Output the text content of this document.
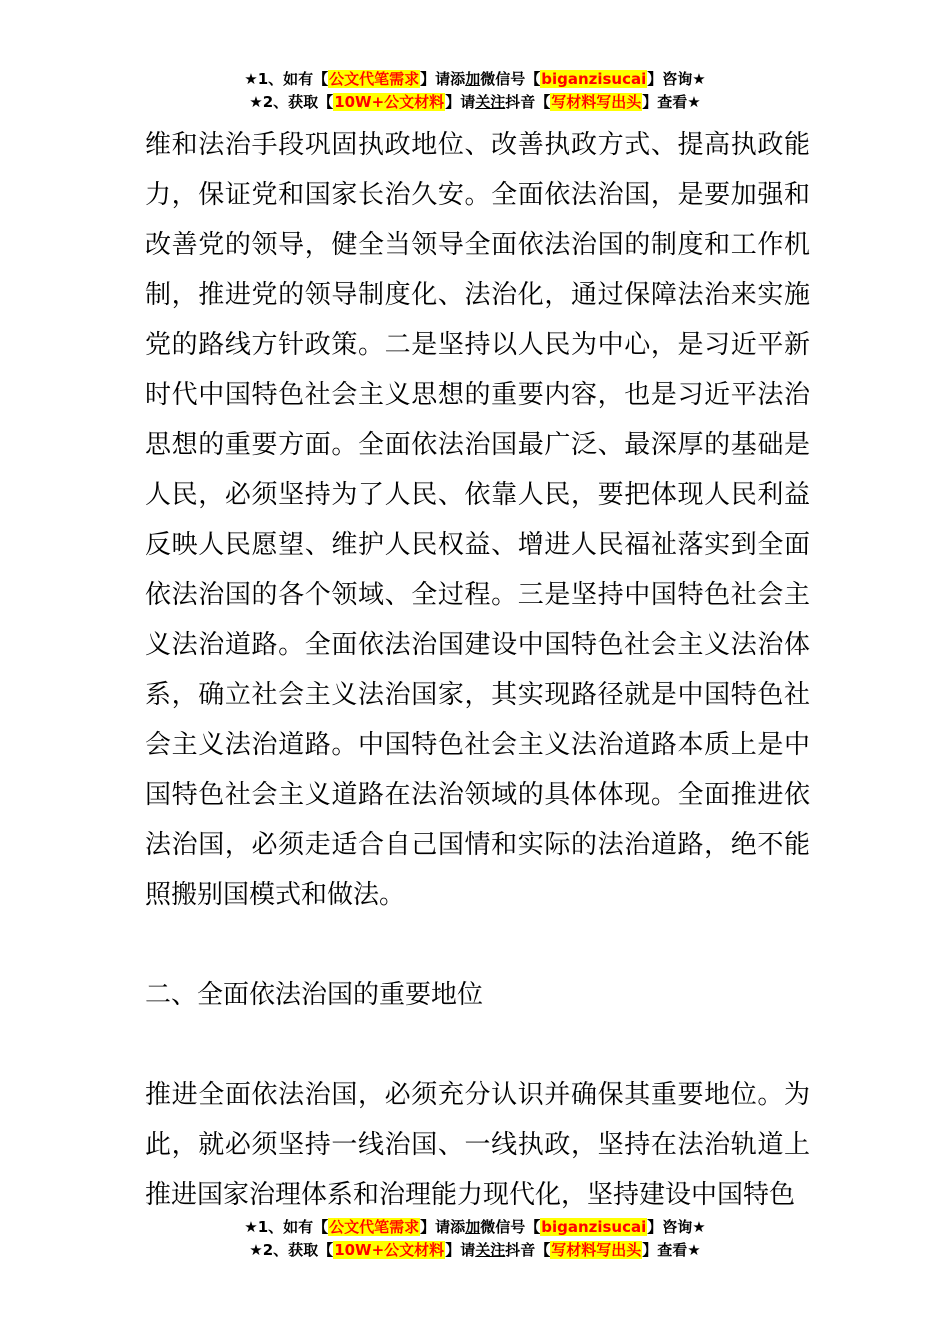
★1、如有【公文代笔需求】请添加微信号【biganzisucai】咨询★
★2、获取【10W+公文材料】请关注抖音【写材料写出头】查看★

维和法治手段巩固执政地位、改善执政方式、提高执政能力，保证党和国家长治久安。全面依法治国，是要加强和改善党的领导，健全当领导全面依法治国的制度和工作机制，推进党的领导制度化、法治化，通过保障法治来实施党的路线方针政策。二是坚持以人民为中心，是习近平新时代中国特色社会主义思想的重要内容，也是习近平法治思想的重要方面。全面依法治国最广泛、最深厚的基础是人民，必须坚持为了人民、依靠人民，要把体现人民利益反映人民愿望、维护人民权益、增进人民福祉落实到全面依法治国的各个领域、全过程。三是坚持中国特色社会主义法治道路。全面依法治国建设中国特色社会主义法治体系，确立社会主义法治国家，其实现路径就是中国特色社会主义法治道路。中国特色社会主义法治道路本质上是中国特色社会主义道路在法治领域的具体体现。全面推进依法治国，必须走适合自己国情和实际的法治道路，绝不能照搬别国模式和做法。

二、全面依法治国的重要地位

推进全面依法治国，必须充分认识并确保其重要地位。为此，就必须坚持一线治国、一线执政，坚持在法治轨道上推进国家治理体系和治理能力现代化，坚持建设中国特色

★1、如有【公文代笔需求】请添加微信号【biganzisucai】咨询★
★2、获取【10W+公文材料】请关注抖音【写材料写出头】查看★
